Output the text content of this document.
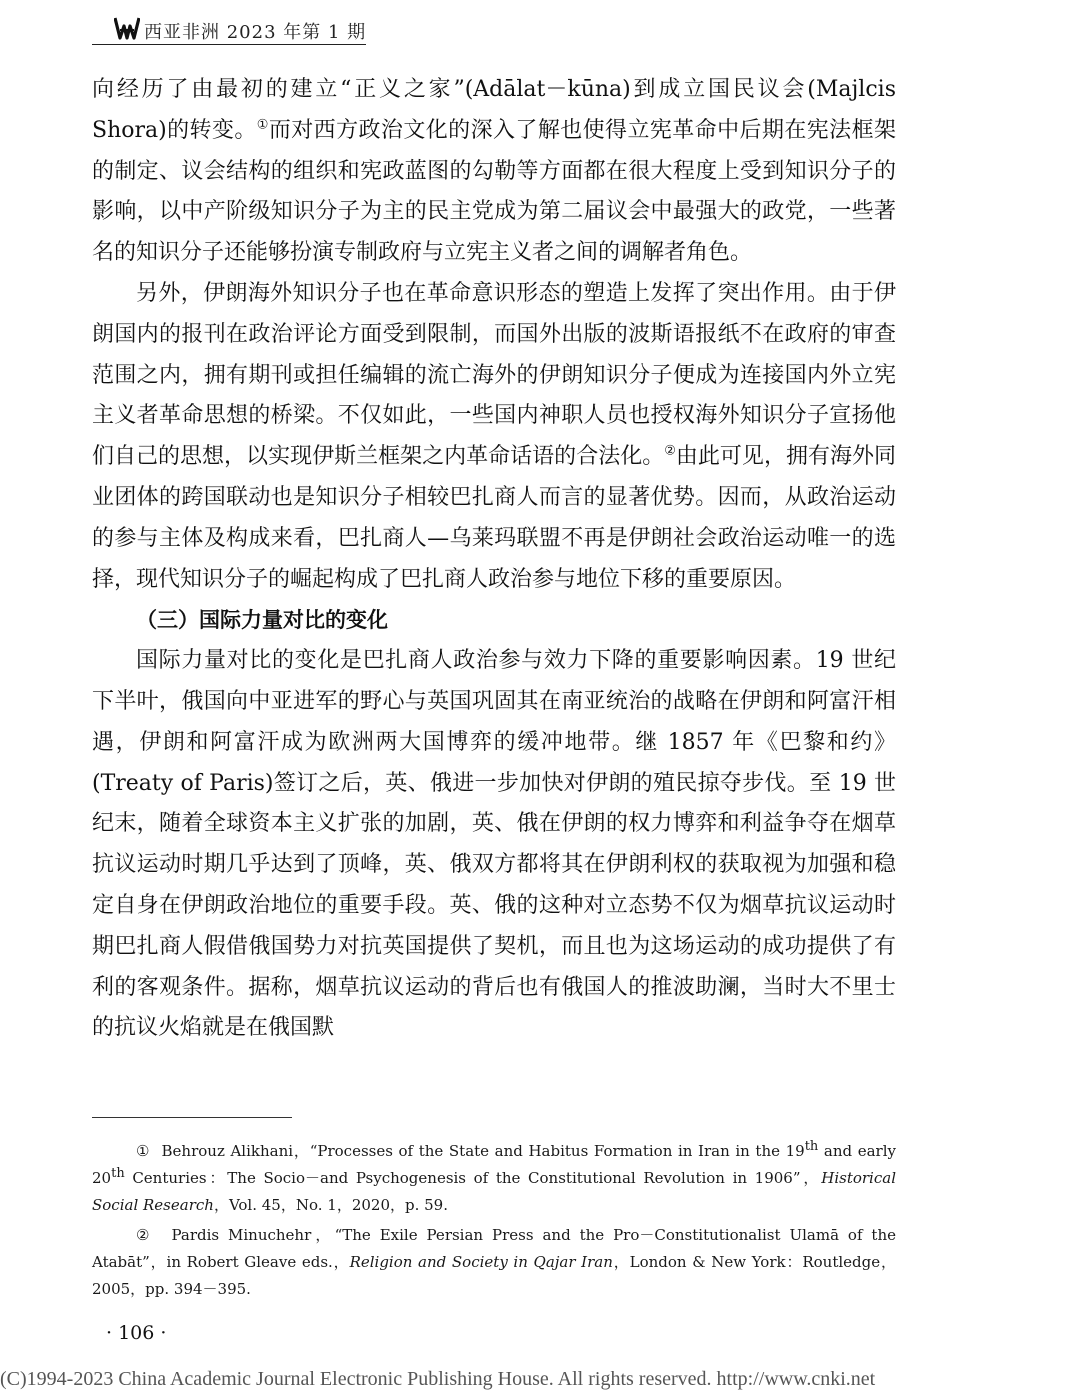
西亚非洲 2023 年第 1 期

向经历了由最初的建立“正义之家”(Adālat－kūna)到成立国民议会(Majlcis Shora)的转变。①而对西方政治文化的深入了解也使得立宪革命中后期在宪法框架的制定、议会结构的组织和宪政蓝图的勾勒等方面都在很大程度上受到知识分子的影响，以中产阶级知识分子为主的民主党成为第二届议会中最强大的政党，一些著名的知识分子还能够扮演专制政府与立宪主义者之间的调解者角色。

另外，伊朗海外知识分子也在革命意识形态的塑造上发挥了突出作用。由于伊朗国内的报刊在政治评论方面受到限制，而国外出版的波斯语报纸不在政府的审查范围之内，拥有期刊或担任编辑的流亡海外的伊朗知识分子便成为连接国内外立宪主义者革命思想的桥梁。不仅如此，一些国内神职人员也授权海外知识分子宣扬他们自己的思想，以实现伊斯兰框架之内革命话语的合法化。②由此可见，拥有海外同业团体的跨国联动也是知识分子相较巴扎商人而言的显著优势。因而，从政治运动的参与主体及构成来看，巴扎商人—乌莱玛联盟不再是伊朗社会政治运动唯一的选择，现代知识分子的崛起构成了巴扎商人政治参与地位下移的重要原因。

（三）国际力量对比的变化

国际力量对比的变化是巴扎商人政治参与效力下降的重要影响因素。19 世纪下半叶，俄国向中亚进军的野心与英国巩固其在南亚统治的战略在伊朗和阿富汗相遇，伊朗和阿富汗成为欧洲两大国博弈的缓冲地带。继 1857 年《巴黎和约》(Treaty of Paris)签订之后，英、俄进一步加快对伊朗的殖民掠夺步伐。至 19 世纪末，随着全球资本主义扩张的加剧，英、俄在伊朗的权力博弈和利益争夺在烟草抗议运动时期几乎达到了顶峰，英、俄双方都将其在伊朗利权的获取视为加强和稳定自身在伊朗政治地位的重要手段。英、俄的这种对立态势不仅为烟草抗议运动时期巴扎商人假借俄国势力对抗英国提供了契机，而且也为这场运动的成功提供了有利的客观条件。据称，烟草抗议运动的背后也有俄国人的推波助澜，当时大不里士的抗议火焰就是在俄国默

① Behrouz Alikhani，“Processes of the State and Habitus Formation in Iran in the 19th and early 20th Centuries：The Socio－and Psychogenesis of the Constitutional Revolution in 1906”，Historical Social Research，Vol. 45，No. 1，2020，p. 59.

② Pardis Minuchehr，“The Exile Persian Press and the Pro－Constitutionalist Ulamā of the Atabāt”，in Robert Gleave eds.，Religion and Society in Qajar Iran，London & New York：Routledge，2005，pp. 394－395.

· 106 ·
(C)1994-2023 China Academic Journal Electronic Publishing House. All rights reserved. http://www.cnki.net
